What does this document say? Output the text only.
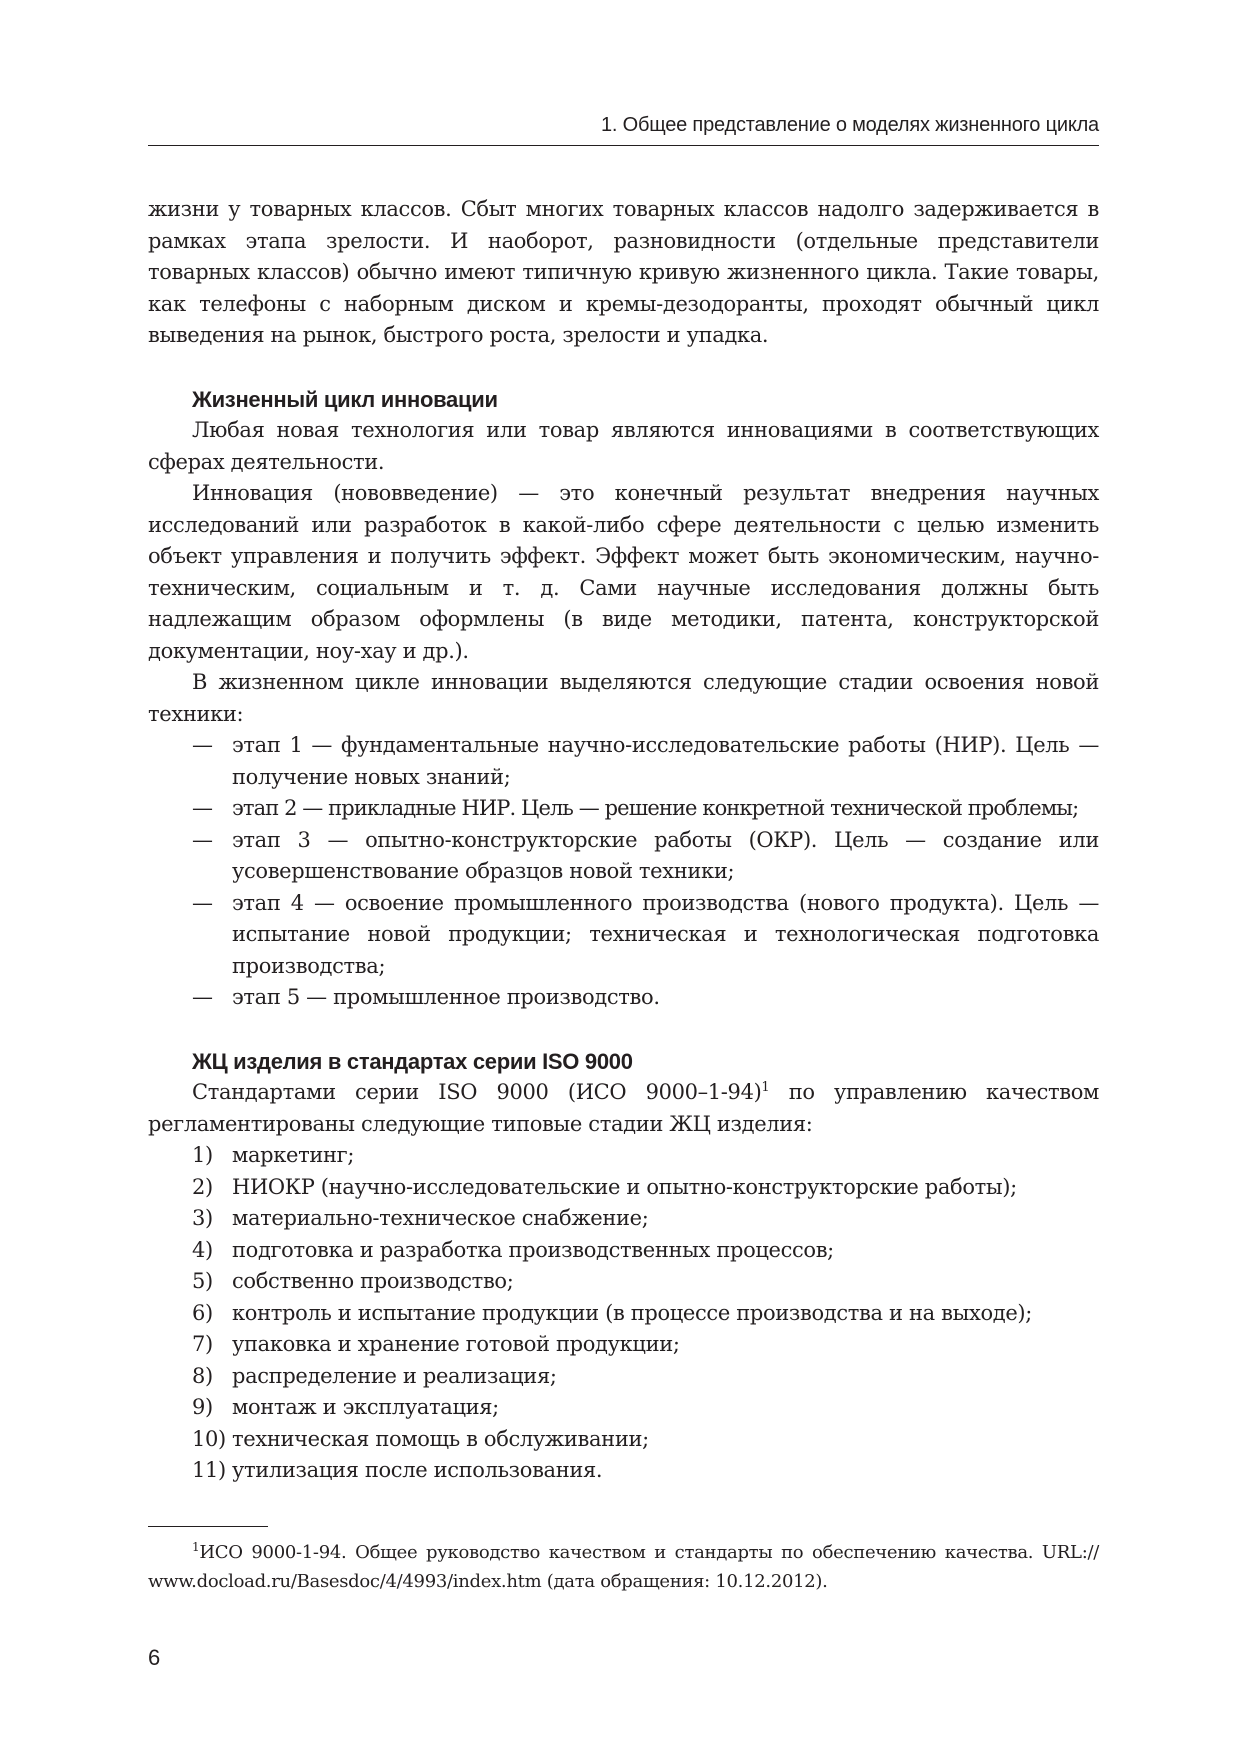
1. Общее представление о моделях жизненного цикла

жизни у товарных классов. Сбыт многих товарных классов надолго задерживается в рамках этапа зрелости. И наоборот, разновидности (отдельные представители товарных классов) обычно имеют типичную кривую жизненного цикла. Такие товары, как телефоны с наборным диском и кремы-дезодоранты, проходят обычный цикл выведения на рынок, быстрого роста, зрелости и упадка.

Жизненный цикл инновации

Любая новая технология или товар являются инновациями в соответствующих сферах деятельности.

Инновация (нововведение) — это конечный результат внедрения научных исследований или разработок в какой-либо сфере деятельности с целью изменить объект управления и получить эффект. Эффект может быть экономическим, научно-техническим, социальным и т. д. Сами научные исследования должны быть надлежащим образом оформлены (в виде методики, патента, конструкторской документации, ноу-хау и др.).

В жизненном цикле инновации выделяются следующие стадии освоения новой техники:

— этап 1 — фундаментальные научно-исследовательские работы (НИР). Цель — получение новых знаний;
— этап 2 — прикладные НИР. Цель — решение конкретной технической проблемы;
— этап 3 — опытно-конструкторские работы (ОКР). Цель — создание или усовершенствование образцов новой техники;
— этап 4 — освоение промышленного производства (нового продукта). Цель — испытание новой продукции; техническая и технологическая подготовка производства;
— этап 5 — промышленное производство.
ЖЦ изделия в стандартах серии ISO 9000

Стандартами серии ISO 9000 (ИСО 9000–1-94)$^1$ по управлению качеством регламентированы следующие типовые стадии ЖЦ изделия:

1) маркетинг;
2) НИОКР (научно-исследовательские и опытно-конструкторские работы);
3) материально-техническое снабжение;
4) подготовка и разработка производственных процессов;
5) собственно производство;
6) контроль и испытание продукции (в процессе производства и на выходе);
7) упаковка и хранение готовой продукции;
8) распределение и реализация;
9) монтаж и эксплуатация;
10) техническая помощь в обслуживании;
11) утилизация после использования.
$^1$ИСО 9000-1-94. Общее руководство качеством и стандарты по обеспечению качества. URL:// www.docload.ru/Basesdoc/4/4993/index.htm (дата обращения: 10.12.2012).
6
